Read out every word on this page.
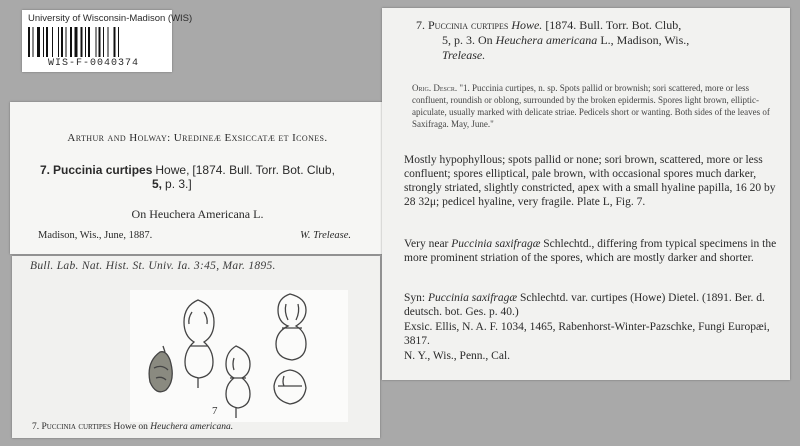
University of Wisconsin-Madison (WIS)
WIS-F-0040374
Arthur and Holway: Uredineæ Exsiccatæ et Icones.
7. Puccinia curtipes Howe, [1874. Bull. Torr. Bot. Club,
5, p. 3.]
On Heuchera Americana L.
Madison, Wis., June, 1887.	W. Trelease.
Bull. Lab. Nat. Hist. St. Univ. Ia. 3:45, Mar. 1895.
7
7. Puccinia curtipes Howe on Heuchera americana.
7. Puccinia curtipes Howe. [1874. Bull. Torr. Bot. Club,
5, p. 3. On Heuchera americana L., Madison, Wis.,
Trelease.
Orig. Descr. "1. Puccinia curtipes, n. sp. Spots pallid or brownish; sori scattered, more or less confluent, roundish or oblong, surrounded by the broken epidermis. Spores light brown, elliptic-apiculate, usually marked with delicate striae. Pedicels short or wanting. Both sides of the leaves of Saxifraga. May, June."
Mostly hypophyllous; spots pallid or none; sori brown, scattered, more or less confluent; spores elliptical, pale brown, with occasional spores much darker, strongly striated, slightly constricted, apex with a small hyaline papilla, 16 20 by 28 32μ; pedicel hyaline, very fragile. Plate L, Fig. 7.
Very near Puccinia saxifragæ Schlechtd., differing from typical specimens in the more prominent striation of the spores, which are mostly darker and shorter.
Syn: Puccinia saxifragæ Schlechtd. var. curtipes (Howe) Dietel. (1891. Ber. d. deutsch. bot. Ges. p. 40.)
Exsic. Ellis, N. A. F. 1034, 1465, Rabenhorst-Winter-Pazschke, Fungi Europæi, 3817.
N. Y., Wis., Penn., Cal.
